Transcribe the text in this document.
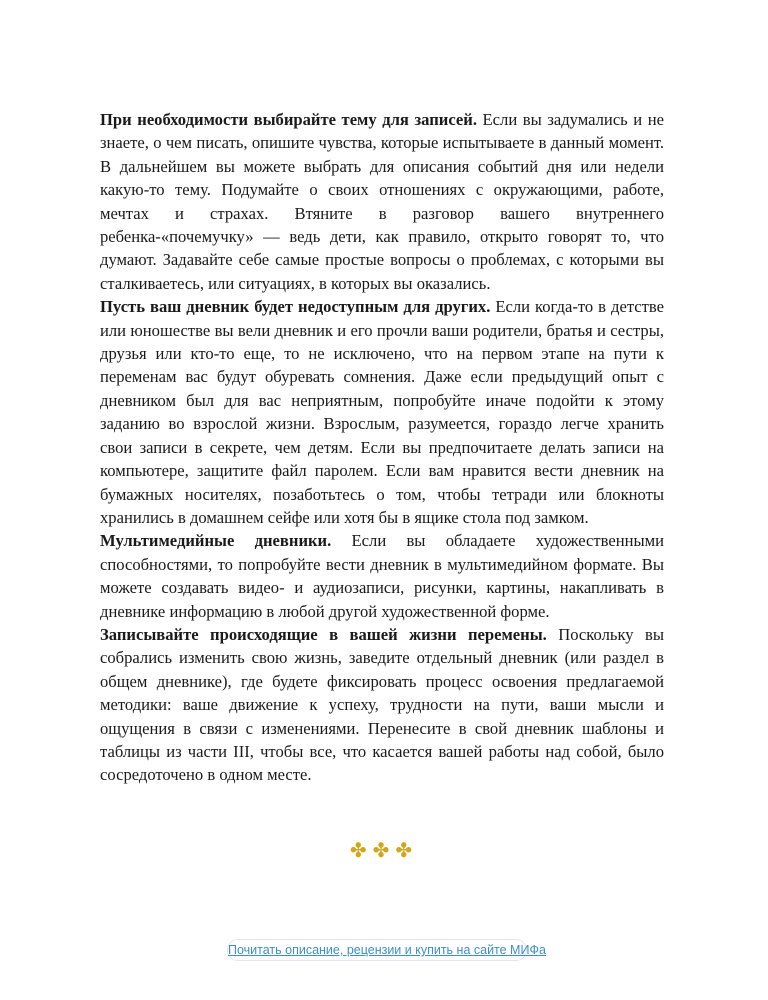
При необходимости выбирайте тему для записей. Если вы задумались и не знаете, о чем писать, опишите чувства, которые испытываете в данный момент. В дальнейшем вы можете выбрать для описания событий дня или недели какую-то тему. Подумайте о своих отношениях с окружающими, работе, мечтах и страхах. Втяните в разговор вашего внутреннего ребенка-«почемучку» — ведь дети, как правило, открыто говорят то, что думают. Задавайте себе самые простые вопросы о проблемах, с которыми вы сталкиваетесь, или ситуациях, в которых вы оказались.

Пусть ваш дневник будет недоступным для других. Если когда-то в детстве или юношестве вы вели дневник и его прочли ваши родители, братья и сестры, друзья или кто-то еще, то не исключено, что на первом этапе на пути к переменам вас будут обуревать сомнения. Даже если предыдущий опыт с дневником был для вас неприятным, попробуйте иначе подойти к этому заданию во взрослой жизни. Взрослым, разумеется, гораздо легче хранить свои записи в секрете, чем детям. Если вы предпочитаете делать записи на компьютере, защитите файл паролем. Если вам нравится вести дневник на бумажных носителях, позаботьтесь о том, чтобы тетради или блокноты хранились в домашнем сейфе или хотя бы в ящике стола под замком.

Мультимедийные дневники. Если вы обладаете художественными способностями, то попробуйте вести дневник в мультимедийном формате. Вы можете создавать видео- и аудиозаписи, рисунки, картины, накапливать в дневнике информацию в любой другой художественной форме.

Записывайте происходящие в вашей жизни перемены. Поскольку вы собрались изменить свою жизнь, заведите отдельный дневник (или раздел в общем дневнике), где будете фиксировать процесс освоения предлагаемой методики: ваше движение к успеху, трудности на пути, ваши мысли и ощущения в связи с изменениями. Перенесите в свой дневник шаблоны и таблицы из части III, чтобы все, что касается вашей работы над собой, было сосредоточено в одном месте.

✤✤✤
Почитать описание, рецензии и купить на сайте МИФа
